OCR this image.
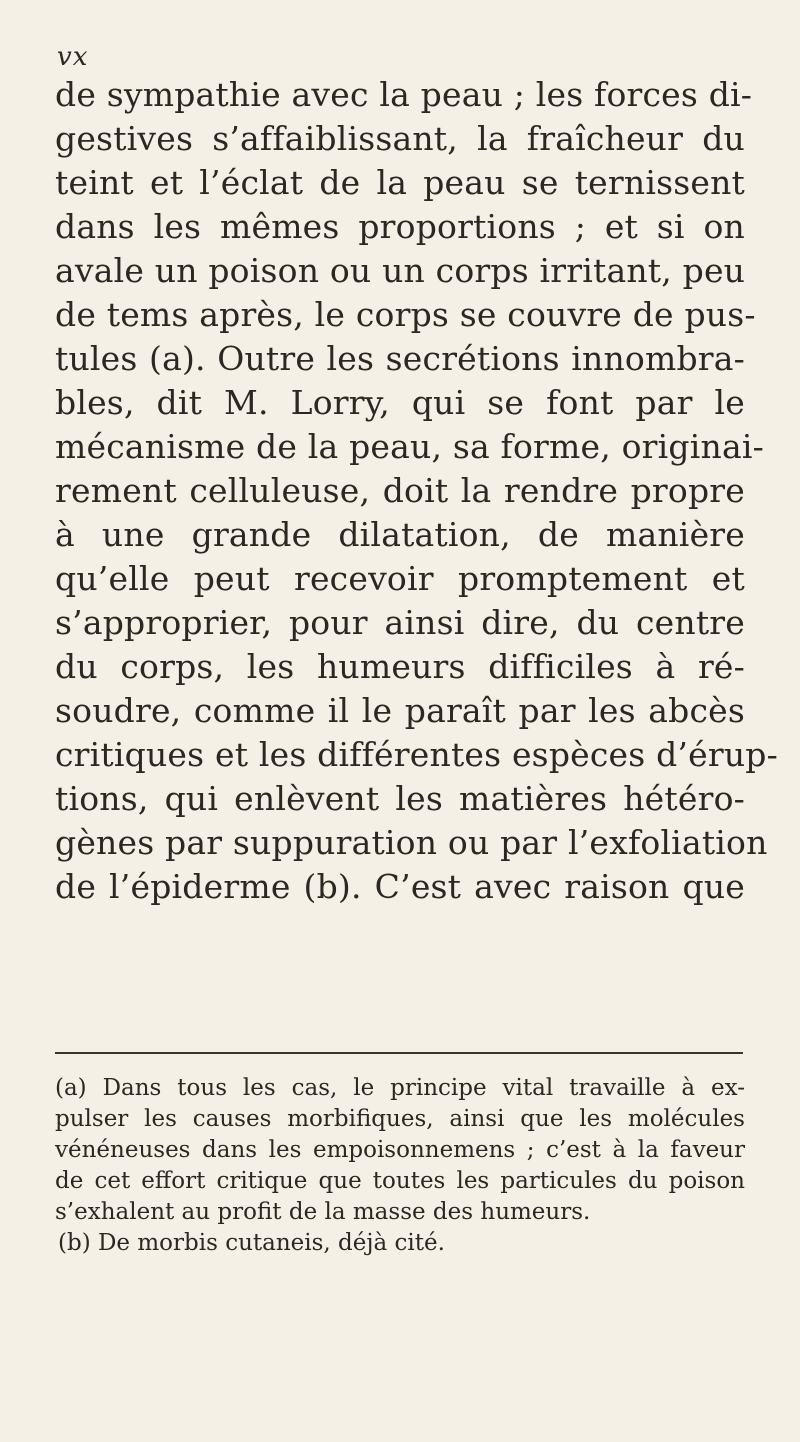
vx
de sympathie avec la peau ; les forces di-
gestives s’affaiblissant, la fraîcheur du
teint et l’éclat de la peau se ternissent
dans les mêmes proportions ; et si on
avale un poison ou un corps irritant, peu
de tems après, le corps se couvre de pus-
tules (a). Outre les secrétions innombra-
bles, dit M. Lorry, qui se font par le
mécanisme de la peau, sa forme, originai-
rement celluleuse, doit la rendre propre
à une grande dilatation, de manière
qu’elle peut recevoir promptement et
s’approprier, pour ainsi dire, du centre
du corps, les humeurs difficiles à ré-
soudre, comme il le paraît par les abcès
critiques et les différentes espèces d’érup-
tions, qui enlèvent les matières hétéro-
gènes par suppuration ou par l’exfoliation
de l’épiderme (b). C’est avec raison que
(a) Dans tous les cas, le principe vital travaille à ex-
pulser les causes morbifiques, ainsi que les molécules
vénéneuses dans les empoisonnemens ; c’est à la faveur
de cet effort critique que toutes les particules du poison
s’exhalent au profit de la masse des humeurs.
(b) De morbis cutaneis, déjà cité.
